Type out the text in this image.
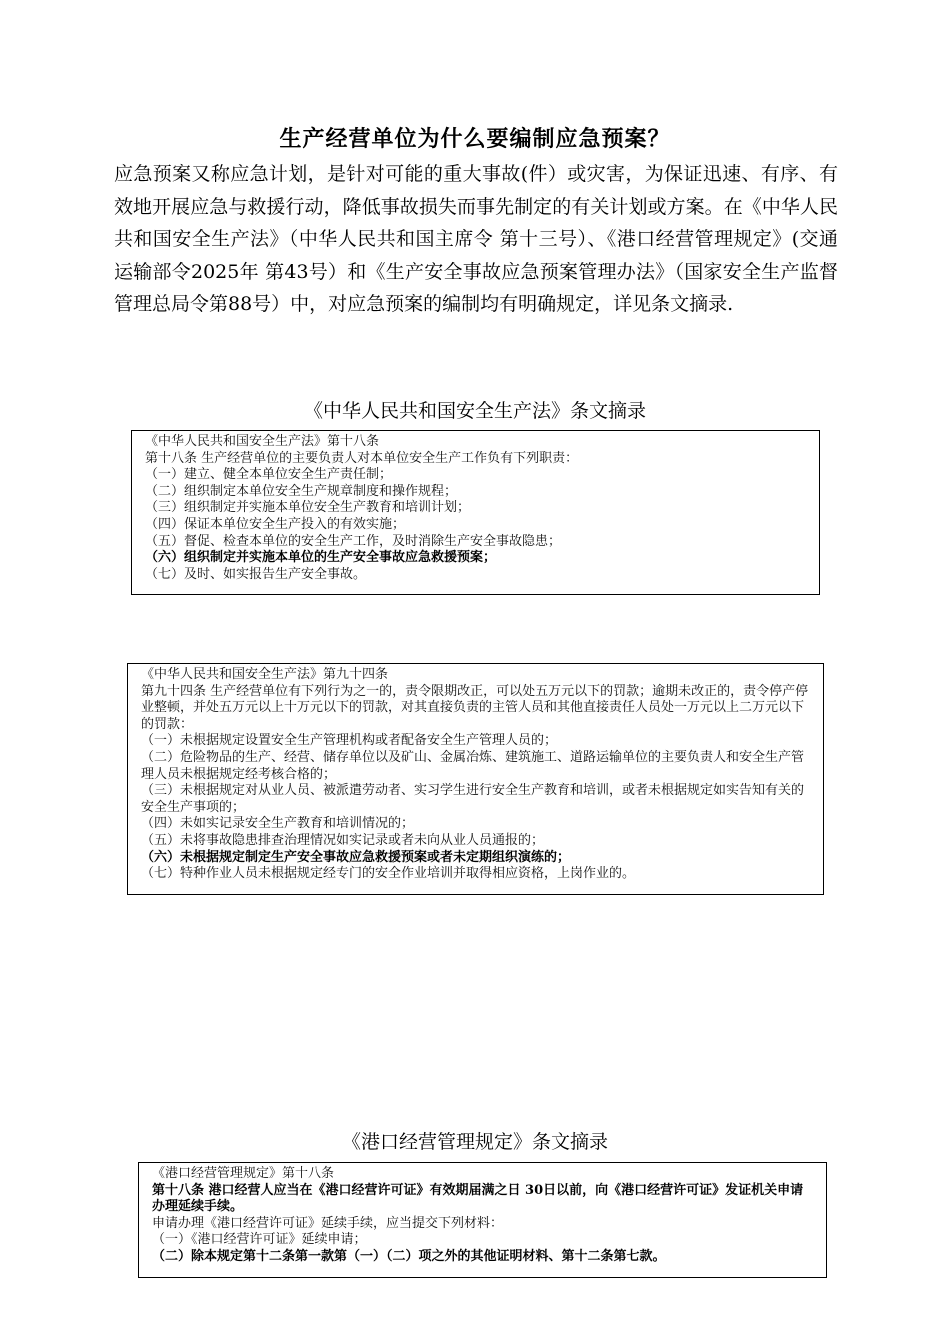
生产经营单位为什么要编制应急预案？

应急预案又称应急计划，是针对可能的重大事故(件）或灾害，为保证迅速、有序、有效地开展应急与救援行动，降低事故损失而事先制定的有关计划或方案。在《中华人民共和国安全生产法》（中华人民共和国主席令 第十三号）、《港口经营管理规定》(交通运输部令2025年 第43号）和《生产安全事故应急预案管理办法》（国家安全生产监督管理总局令第88号）中，对应急预案的编制均有明确规定，详见条文摘录.

《中华人民共和国安全生产法》条文摘录

《中华人民共和国安全生产法》第十八条

第十八条 生产经营单位的主要负责人对本单位安全生产工作负有下列职责：

（一）建立、健全本单位安全生产责任制；

（二）组织制定本单位安全生产规章制度和操作规程；

（三）组织制定并实施本单位安全生产教育和培训计划；

（四）保证本单位安全生产投入的有效实施；

（五）督促、检查本单位的安全生产工作，及时消除生产安全事故隐患；

（六）组织制定并实施本单位的生产安全事故应急救援预案；

（七）及时、如实报告生产安全事故。

《中华人民共和国安全生产法》第九十四条

第九十四条 生产经营单位有下列行为之一的，责令限期改正，可以处五万元以下的罚款；逾期未改正的，责令停产停业整顿，并处五万元以上十万元以下的罚款，对其直接负责的主管人员和其他直接责任人员处一万元以上二万元以下的罚款：

（一）未根据规定设置安全生产管理机构或者配备安全生产管理人员的；

（二）危险物品的生产、经营、储存单位以及矿山、金属冶炼、建筑施工、道路运输单位的主要负责人和安全生产管理人员未根据规定经考核合格的；

（三）未根据规定对从业人员、被派遣劳动者、实习学生进行安全生产教育和培训，或者未根据规定如实告知有关的安全生产事项的；

（四）未如实记录安全生产教育和培训情况的；

（五）未将事故隐患排查治理情况如实记录或者未向从业人员通报的；

（六）未根据规定制定生产安全事故应急救援预案或者未定期组织演练的；

（七）特种作业人员未根据规定经专门的安全作业培训并取得相应资格，上岗作业的。

《港口经营管理规定》条文摘录

《港口经营管理规定》第十八条

第十八条 港口经营人应当在《港口经营许可证》有效期届满之日 30日以前，向《港口经营许可证》发证机关申请办理延续手续。

申请办理《港口经营许可证》延续手续，应当提交下列材料：

（一）《港口经营许可证》延续申请；

（二）除本规定第十二条第一款第（一）（二）项之外的其他证明材料、第十二条第七款。
